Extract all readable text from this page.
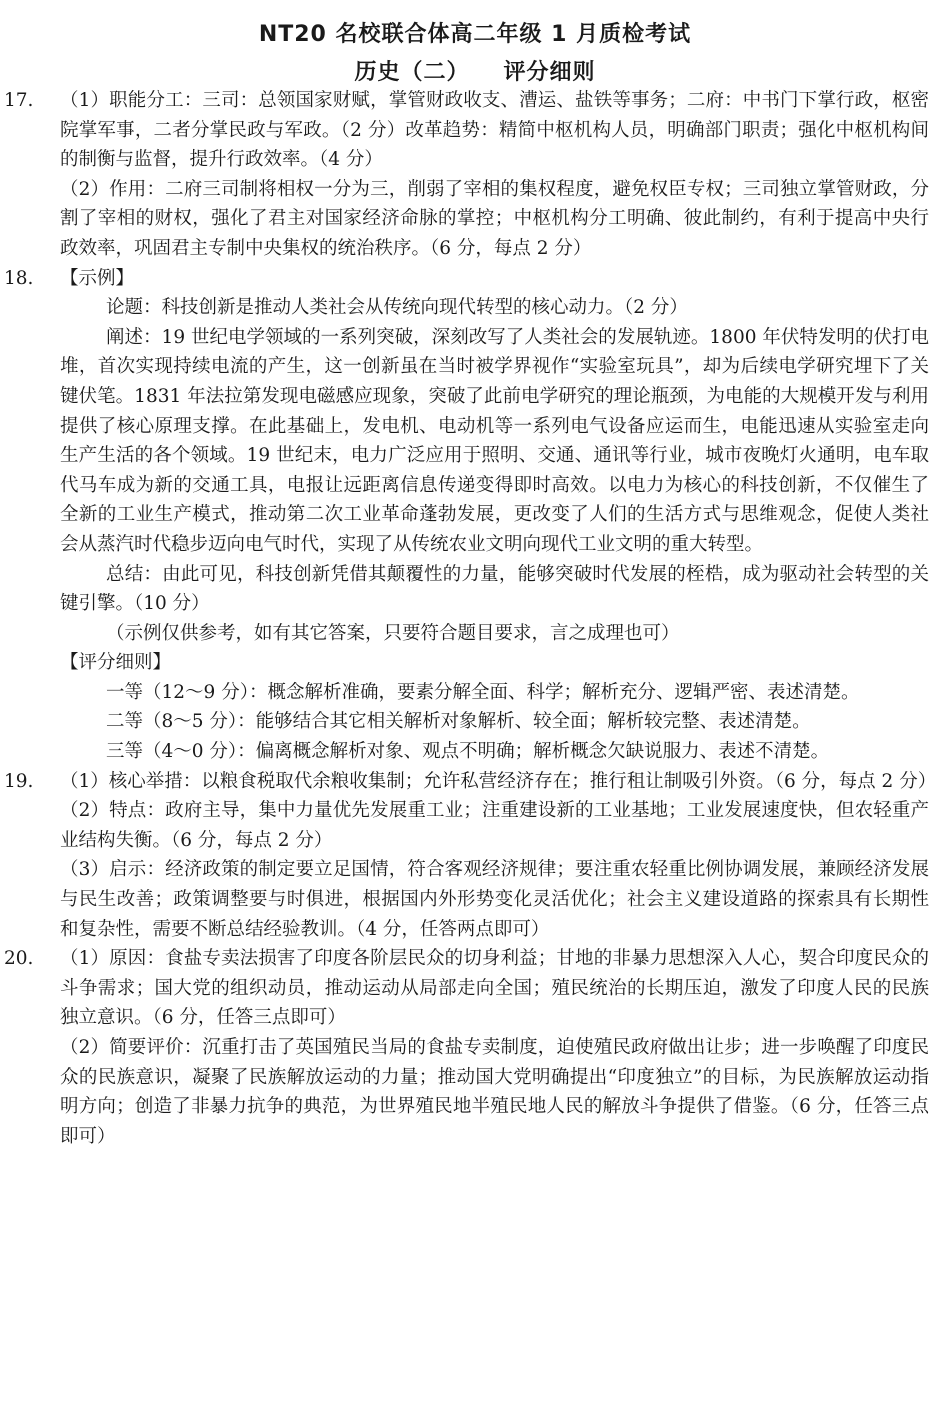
NT20 名校联合体高二年级 1 月质检考试
历史（二） 评分细则
17.	（1）职能分工：三司：总领国家财赋，掌管财政收支、漕运、盐铁等事务；二府：中书门下掌行政，枢密院掌军事，二者分掌民政与军政。（2 分）改革趋势：精简中枢机构人员，明确部门职责；强化中枢机构间的制衡与监督，提升行政效率。（4 分）

（2）作用：二府三司制将相权一分为三，削弱了宰相的集权程度，避免权臣专权；三司独立掌管财政，分割了宰相的财权，强化了君主对国家经济命脉的掌控；中枢机构分工明确、彼此制约，有利于提高中央行政效率，巩固君主专制中央集权的统治秩序。（6 分，每点 2 分）

18.	【示例】

论题：科技创新是推动人类社会从传统向现代转型的核心动力。（2 分）

阐述：19 世纪电学领域的一系列突破，深刻改写了人类社会的发展轨迹。1800 年伏特发明的伏打电堆，首次实现持续电流的产生，这一创新虽在当时被学界视作“实验室玩具”，却为后续电学研究埋下了关键伏笔。1831 年法拉第发现电磁感应现象，突破了此前电学研究的理论瓶颈，为电能的大规模开发与利用提供了核心原理支撑。在此基础上，发电机、电动机等一系列电气设备应运而生，电能迅速从实验室走向生产生活的各个领域。19 世纪末，电力广泛应用于照明、交通、通讯等行业，城市夜晚灯火通明，电车取代马车成为新的交通工具，电报让远距离信息传递变得即时高效。以电力为核心的科技创新，不仅催生了全新的工业生产模式，推动第二次工业革命蓬勃发展，更改变了人们的生活方式与思维观念，促使人类社会从蒸汽时代稳步迈向电气时代，实现了从传统农业文明向现代工业文明的重大转型。

总结：由此可见，科技创新凭借其颠覆性的力量，能够突破时代发展的桎梏，成为驱动社会转型的关键引擎。（10 分）

（示例仅供参考，如有其它答案，只要符合题目要求，言之成理也可）

【评分细则】

一等（12～9 分）：概念解析准确，要素分解全面、科学；解析充分、逻辑严密、表述清楚。

二等（8～5 分）：能够结合其它相关解析对象解析、较全面；解析较完整、表述清楚。

三等（4～0 分）：偏离概念解析对象、观点不明确；解析概念欠缺说服力、表述不清楚。

19.	（1）核心举措：以粮食税取代余粮收集制；允许私营经济存在；推行租让制吸引外资。（6 分，每点 2 分）

（2）特点：政府主导，集中力量优先发展重工业；注重建设新的工业基地；工业发展速度快，但农轻重产业结构失衡。（6 分，每点 2 分）

（3）启示：经济政策的制定要立足国情，符合客观经济规律；要注重农轻重比例协调发展，兼顾经济发展与民生改善；政策调整要与时俱进，根据国内外形势变化灵活优化；社会主义建设道路的探索具有长期性和复杂性，需要不断总结经验教训。（4 分，任答两点即可）

20.	（1）原因：食盐专卖法损害了印度各阶层民众的切身利益；甘地的非暴力思想深入人心，契合印度民众的斗争需求；国大党的组织动员，推动运动从局部走向全国；殖民统治的长期压迫，激发了印度人民的民族独立意识。（6 分，任答三点即可）

（2）简要评价：沉重打击了英国殖民当局的食盐专卖制度，迫使殖民政府做出让步；进一步唤醒了印度民众的民族意识，凝聚了民族解放运动的力量；推动国大党明确提出“印度独立”的目标，为民族解放运动指明方向；创造了非暴力抗争的典范，为世界殖民地半殖民地人民的解放斗争提供了借鉴。（6 分，任答三点即可）
